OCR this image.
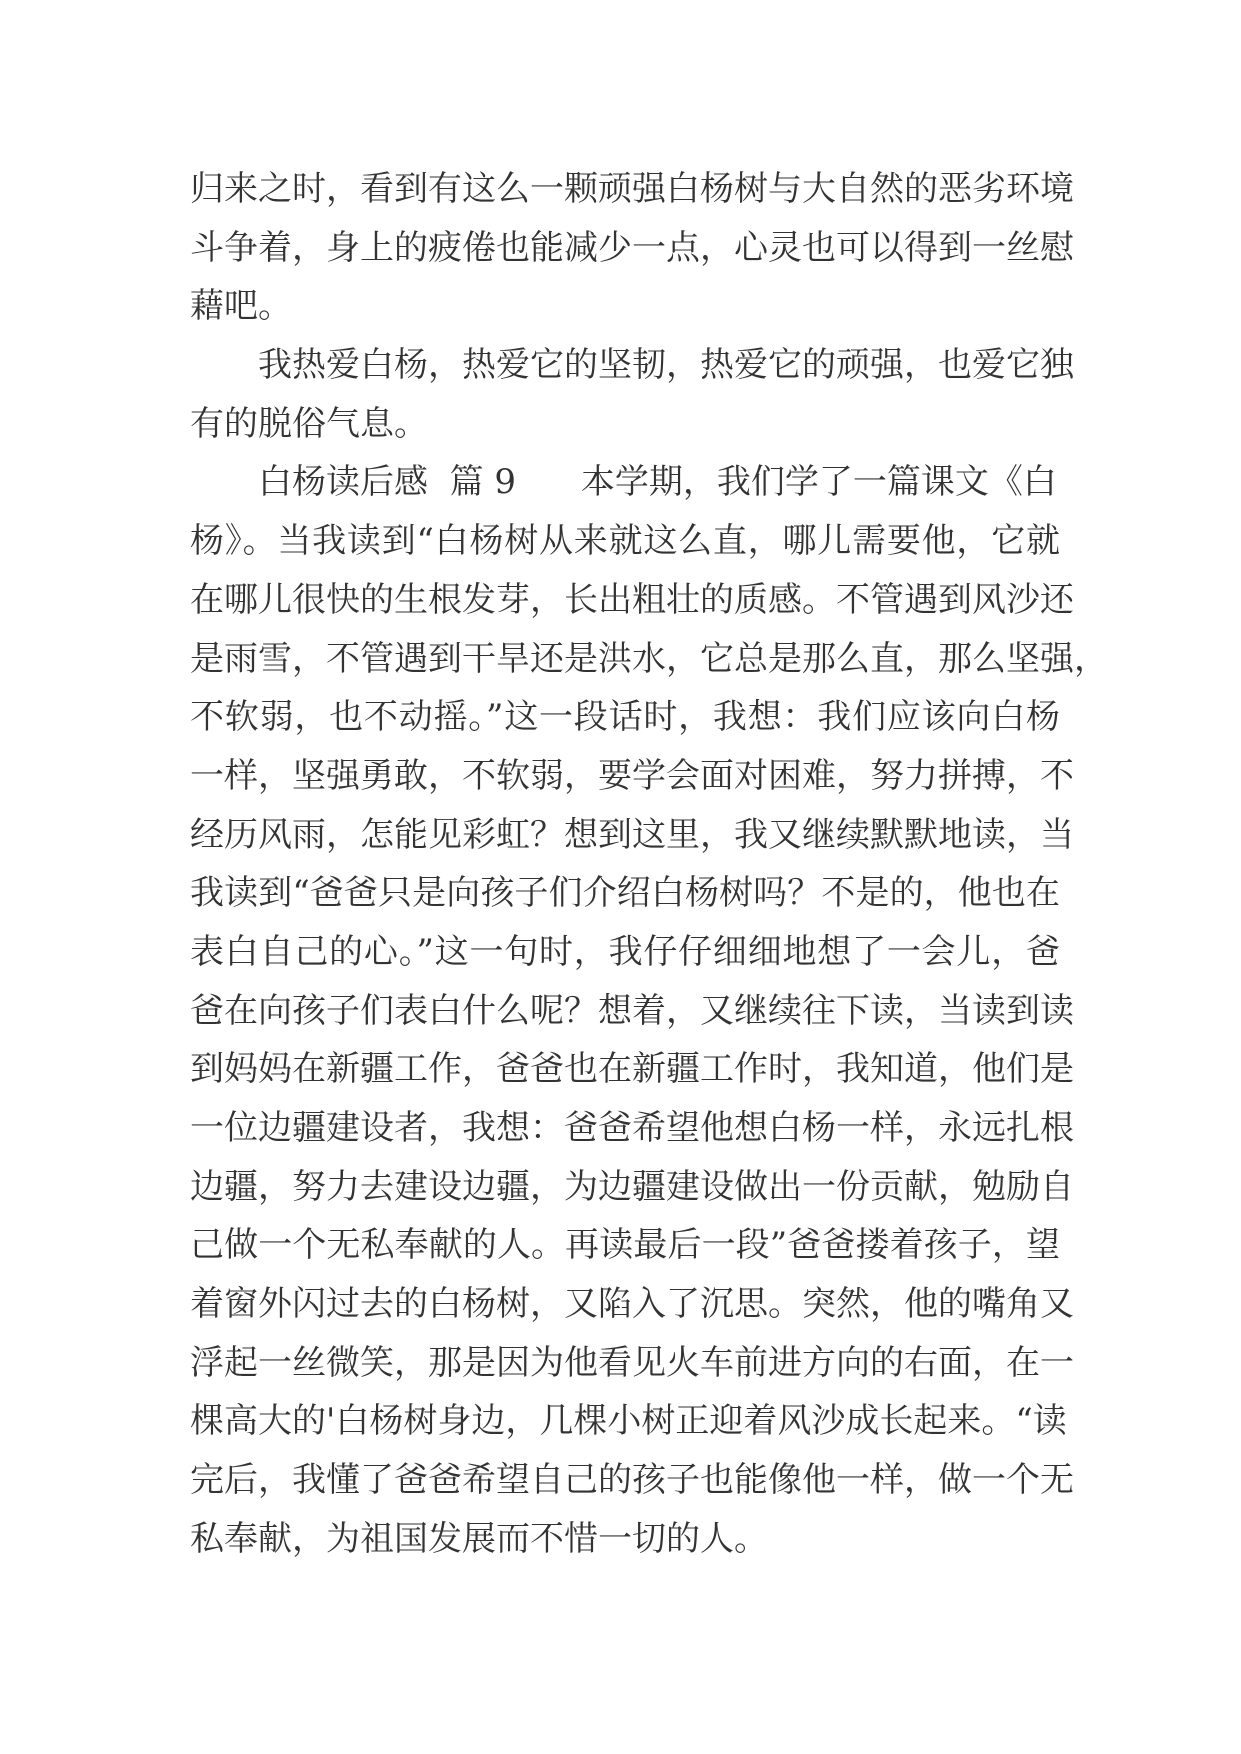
归来之时，看到有这么一颗顽强白杨树与大自然的恶劣环境
斗争着，身上的疲倦也能减少一点，心灵也可以得到一丝慰
藉吧。
我热爱白杨，热爱它的坚韧，热爱它的顽强，也爱它独
有的脱俗气息。
白杨读后感  篇 9      本学期，我们学了一篇课文《白
杨》。当我读到“白杨树从来就这么直，哪儿需要他，它就
在哪儿很快的生根发芽，长出粗壮的质感。不管遇到风沙还
是雨雪，不管遇到干旱还是洪水，它总是那么直，那么坚强，
不软弱，也不动摇。”这一段话时，我想：我们应该向白杨
一样，坚强勇敢，不软弱，要学会面对困难，努力拼搏，不
经历风雨，怎能见彩虹？想到这里，我又继续默默地读，当
我读到“爸爸只是向孩子们介绍白杨树吗？不是的，他也在
表白自己的心。”这一句时，我仔仔细细地想了一会儿，爸
爸在向孩子们表白什么呢？想着，又继续往下读，当读到读
到妈妈在新疆工作，爸爸也在新疆工作时，我知道，他们是
一位边疆建设者，我想：爸爸希望他想白杨一样，永远扎根
边疆，努力去建设边疆，为边疆建设做出一份贡献，勉励自
己做一个无私奉献的人。再读最后一段”爸爸搂着孩子，望
着窗外闪过去的白杨树，又陷入了沉思。突然，他的嘴角又
浮起一丝微笑，那是因为他看见火车前进方向的右面，在一
棵高大的'白杨树身边，几棵小树正迎着风沙成长起来。“读
完后，我懂了爸爸希望自己的孩子也能像他一样，做一个无
私奉献，为祖国发展而不惜一切的人。
